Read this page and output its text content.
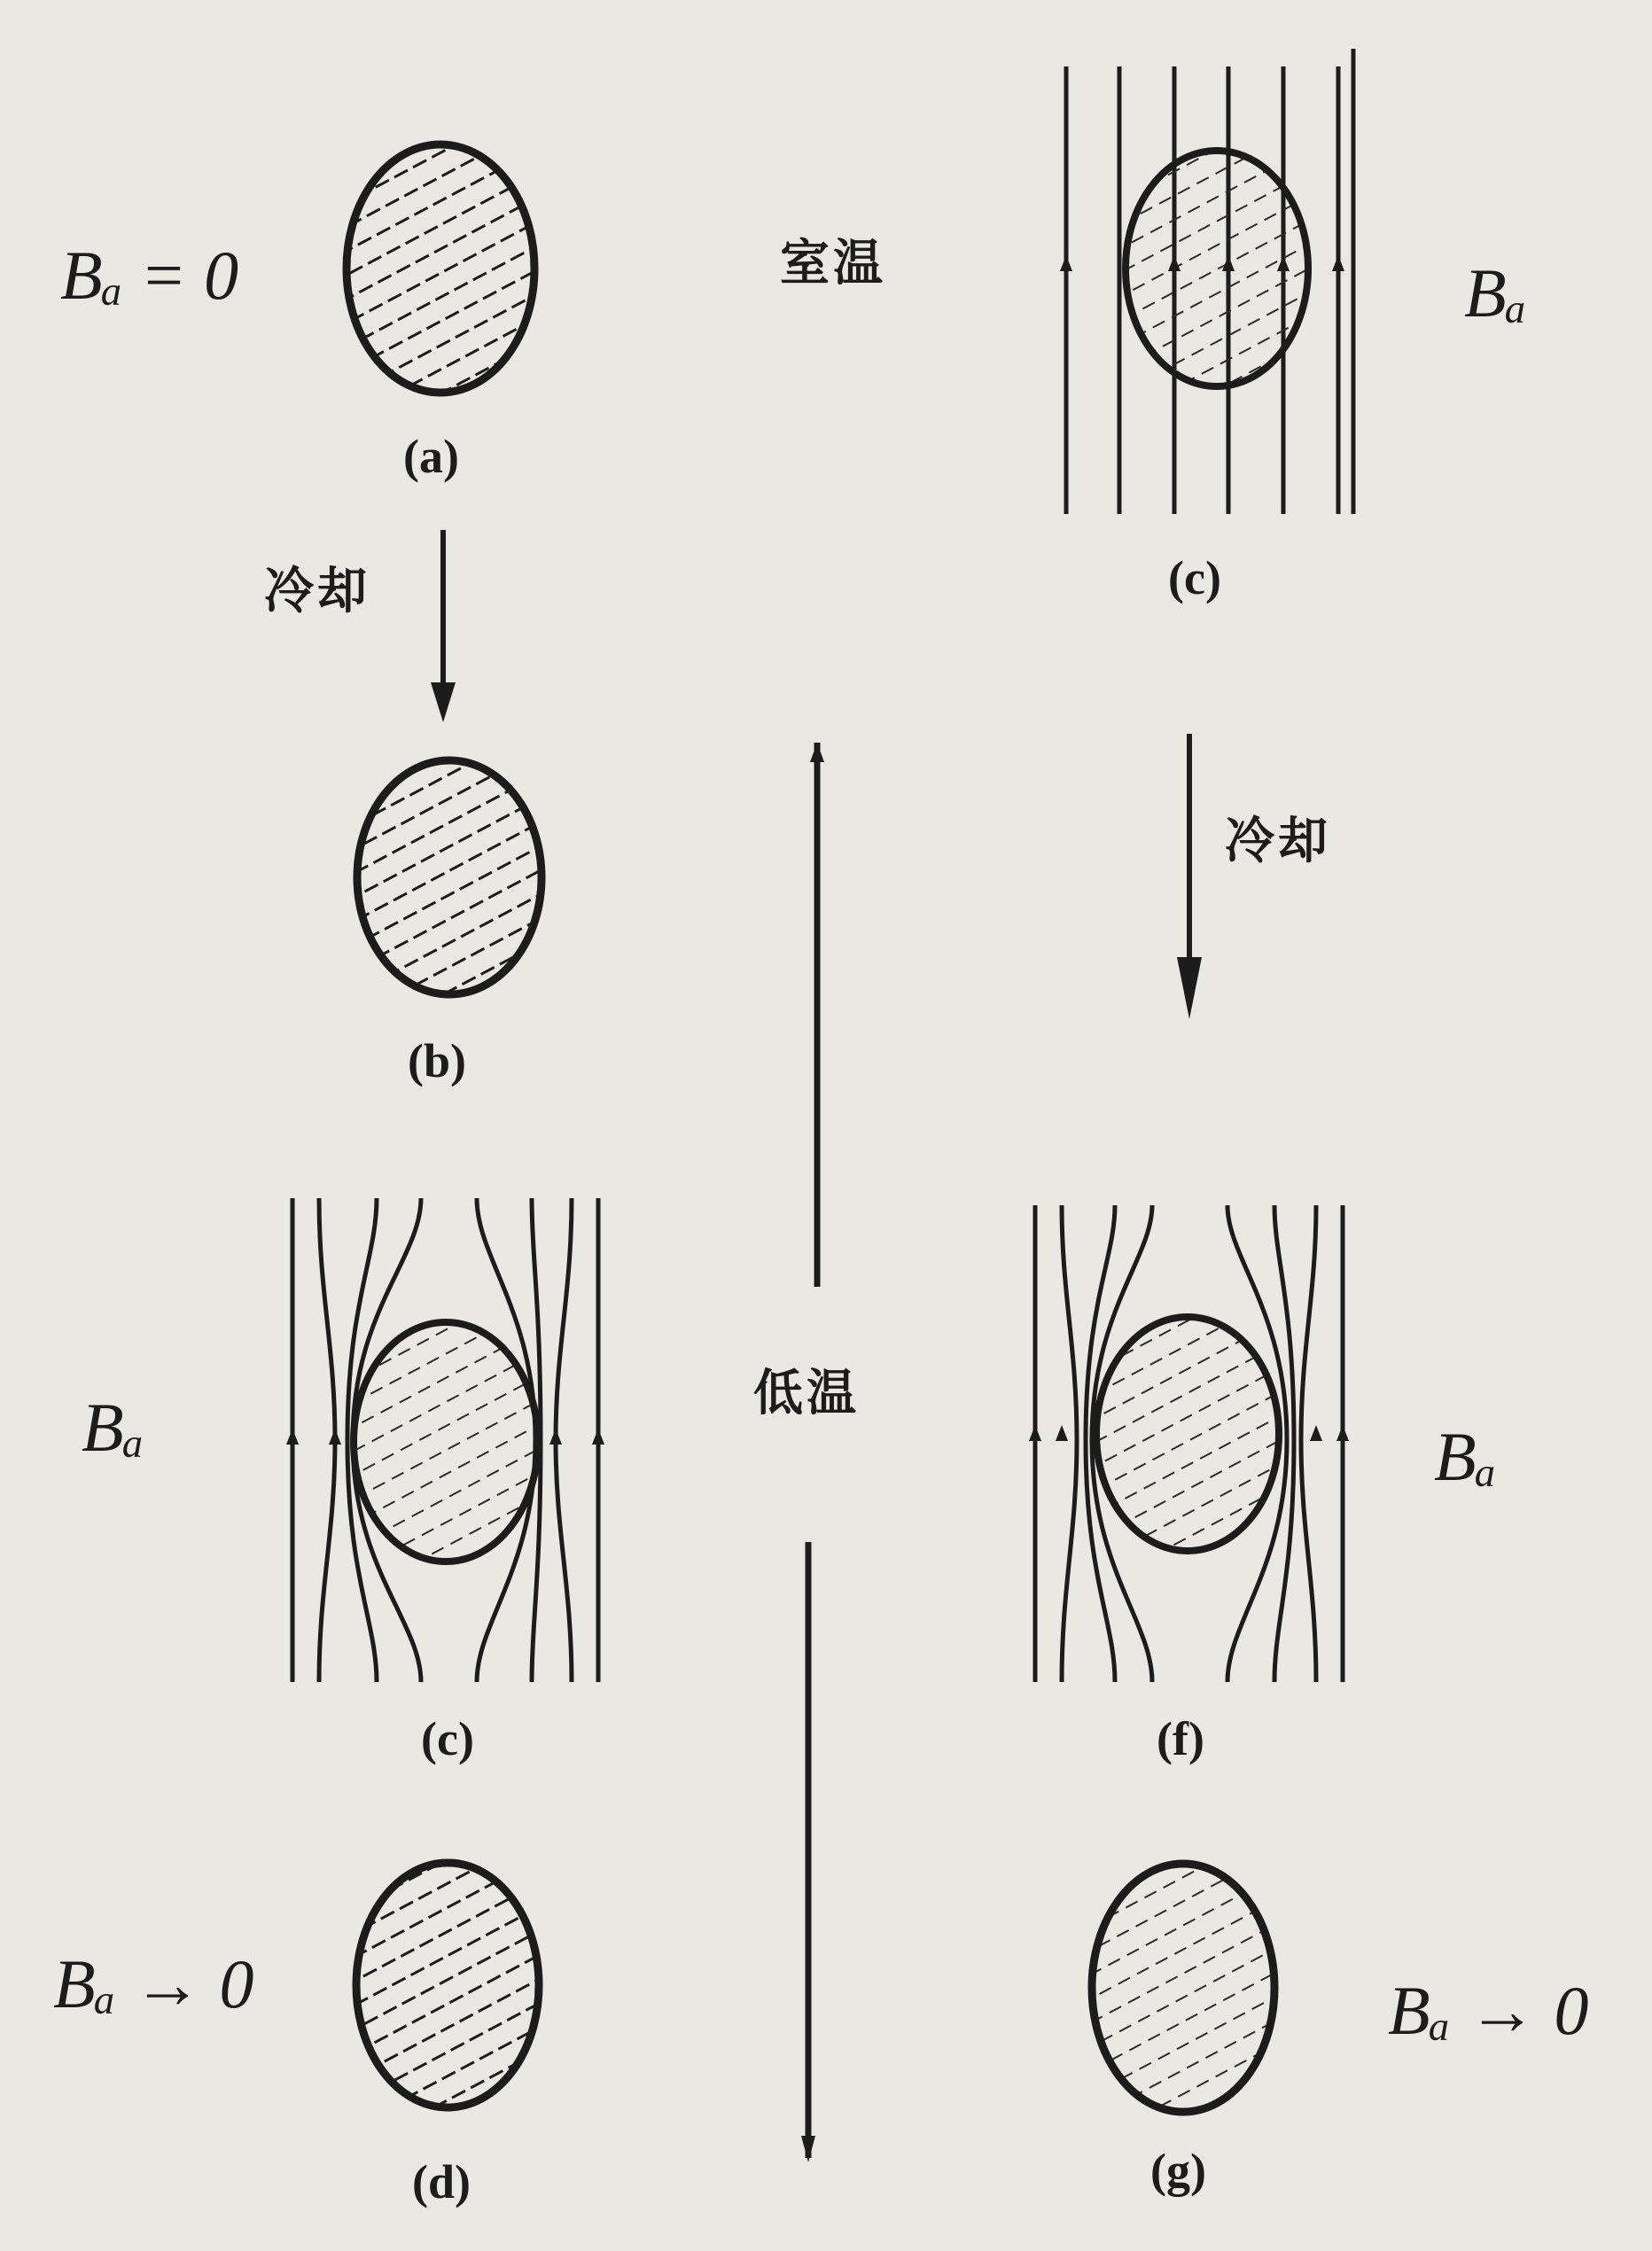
Bₐ = 0	Bₐ
Bₐ	Bₐ
Bₐ → 0	Bₐ → 0
(a)
(b)
(c)
(c)	(f)
(d)	(g)
室温
冷却
冷却
低温
